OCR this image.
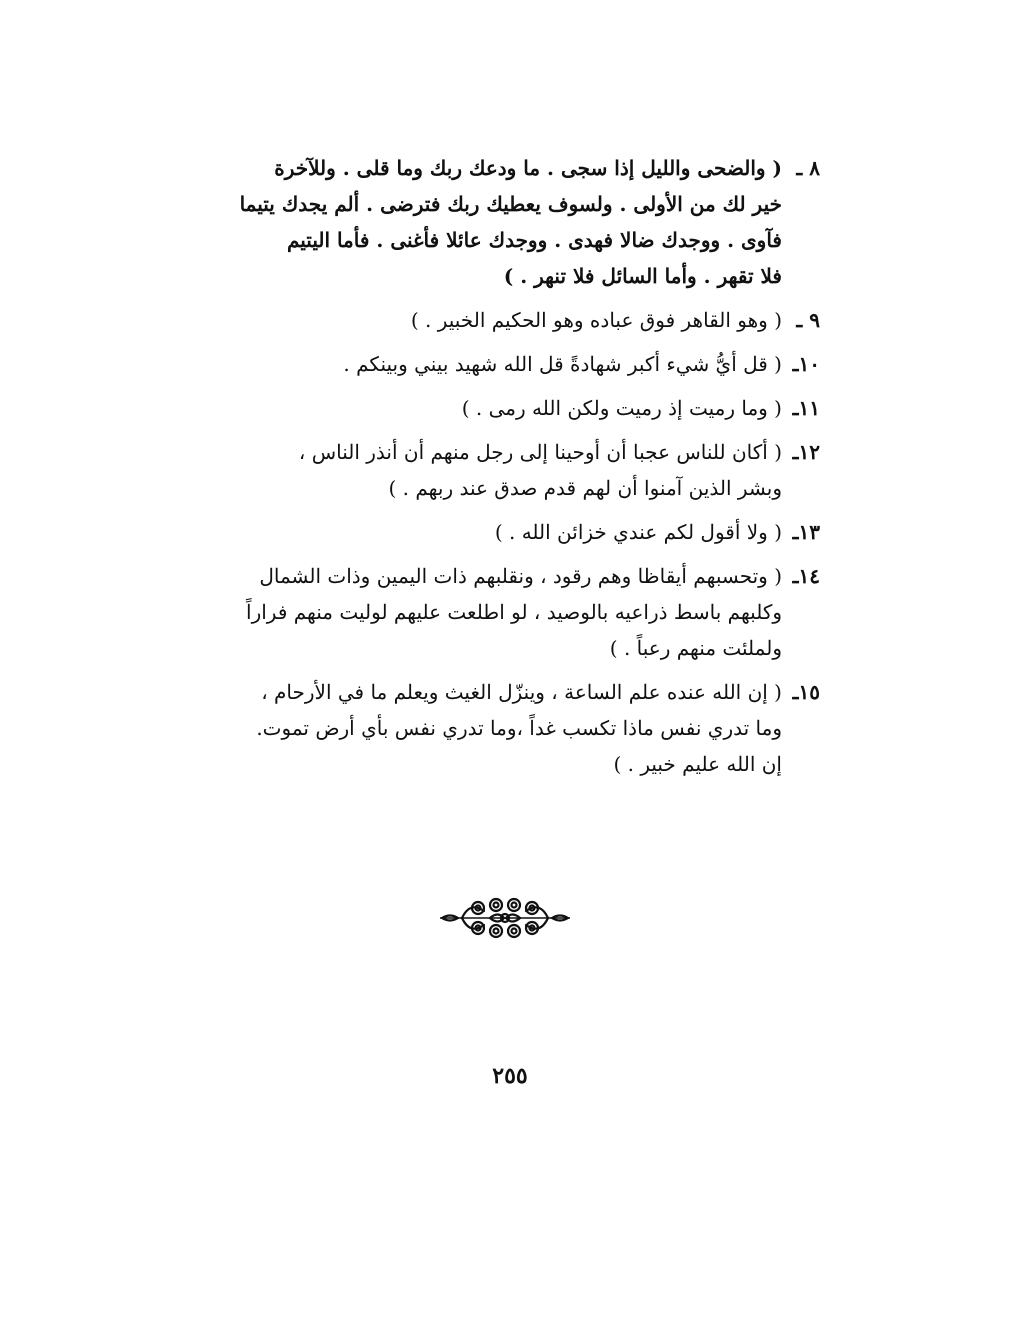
٨ ـ
( والضحى والليل إذا سجى . ما ودعك ربك وما قلى . وللآخرة
خير لك من الأولى . ولسوف يعطيك ربك فترضى . ألم يجدك يتيما
فآوى . ووجدك ضالا فهدى . ووجدك عائلا فأغنى . فأما اليتيم
فلا تقهر . وأما السائل فلا تنهر . )
٩ ـ
( وهو القاهر فوق عباده وهو الحكيم الخبير . )
١٠ـ
( قل أيُّ شيء أكبر شهادةً قل الله شهيد بيني وبينكم .
١١ـ
( وما رميت إذ رميت ولكن الله رمى . )
١٢ـ
( أكان للناس عجبا أن أوحينا إلى رجل منهم أن أنذر الناس ،
وبشر الذين آمنوا أن لهم قدم صدق عند ربهم . )
١٣ـ
( ولا أقول لكم عندي خزائن الله . )
١٤ـ
( وتحسبهم أيقاظا وهم رقود ، ونقلبهم ذات اليمين وذات الشمال
وكلبهم باسط ذراعيه بالوصيد ، لو اطلعت عليهم لوليت منهم فراراً
ولملئت منهم رعباً . )
١٥ـ
( إن الله عنده علم الساعة ، وينزّل الغيث ويعلم ما في الأرحام ،
وما تدري نفس ماذا تكسب غداً ،وما تدري نفس بأي أرض تموت.
إن الله عليم خبير . )
٢٥٥
